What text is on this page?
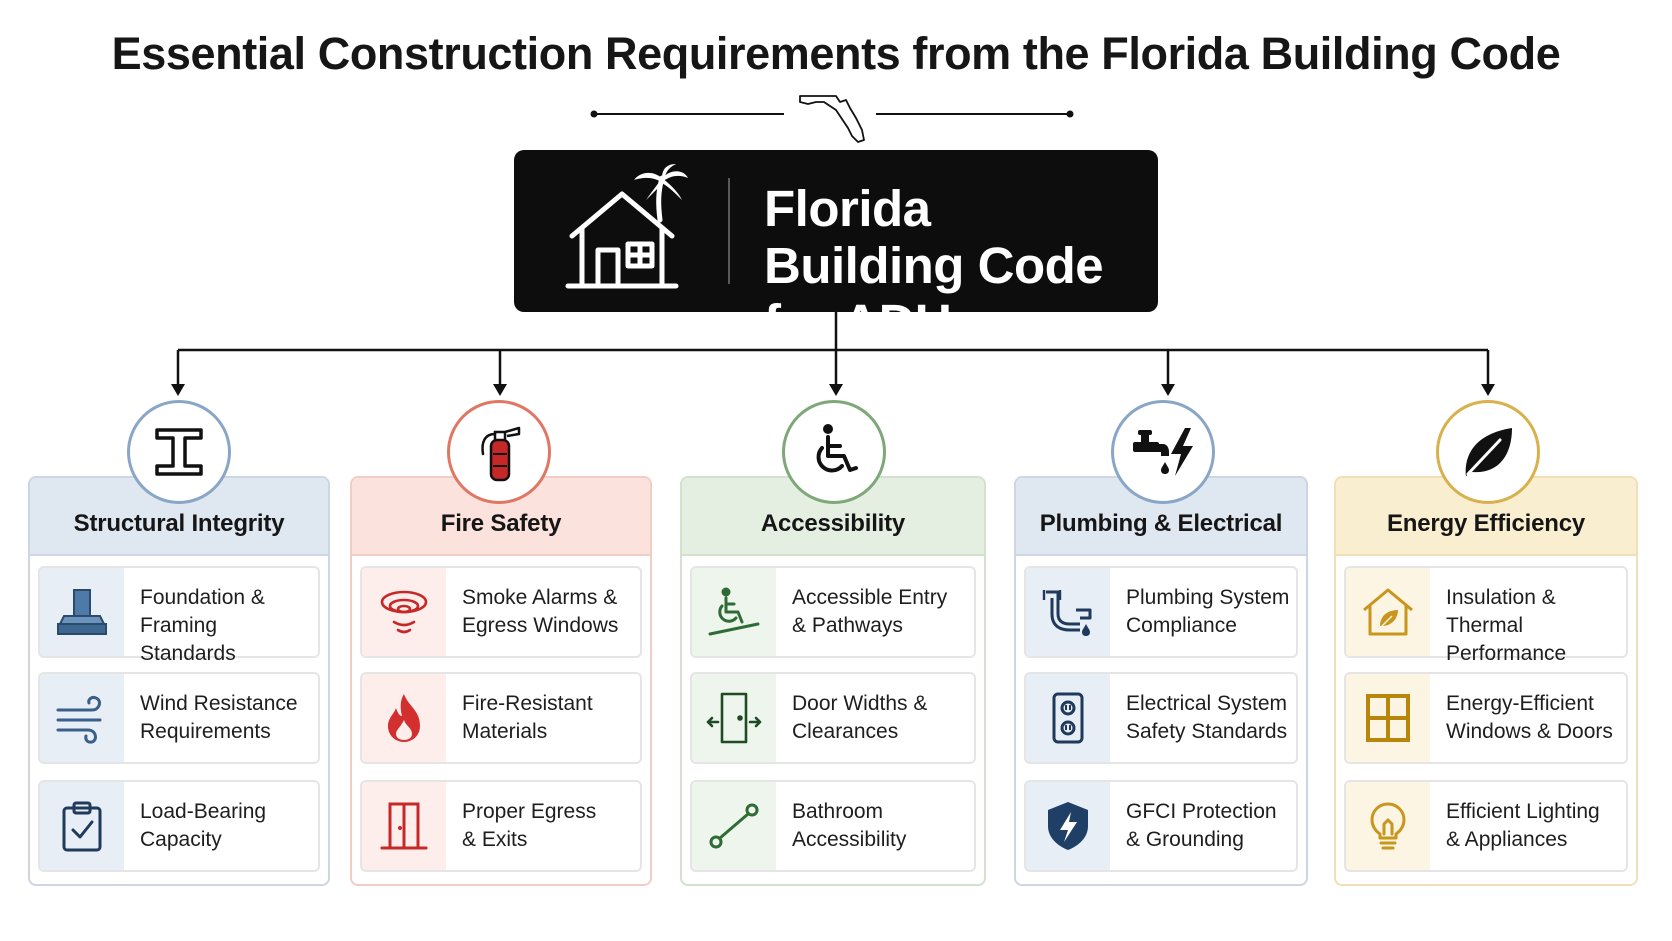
Essential Construction Requirements from the Florida Building Code
Florida Building Code for ADUs
Structural Integrity
Foundation &
Framing Standards
Wind Resistance
Requirements
Load-Bearing
Capacity
Fire Safety
Smoke Alarms &
Egress Windows
Fire-Resistant
Materials
Proper Egress
& Exits
Accessibility
Accessible Entry
& Pathways
Door Widths &
Clearances
Bathroom
Accessibility
Plumbing & Electrical
Plumbing System
Compliance
Electrical System
Safety Standards
GFCI Protection
& Grounding
Energy Efficiency
Insulation &
Thermal Performance
Energy-Efficient
Windows & Doors
Efficient Lighting
& Appliances
